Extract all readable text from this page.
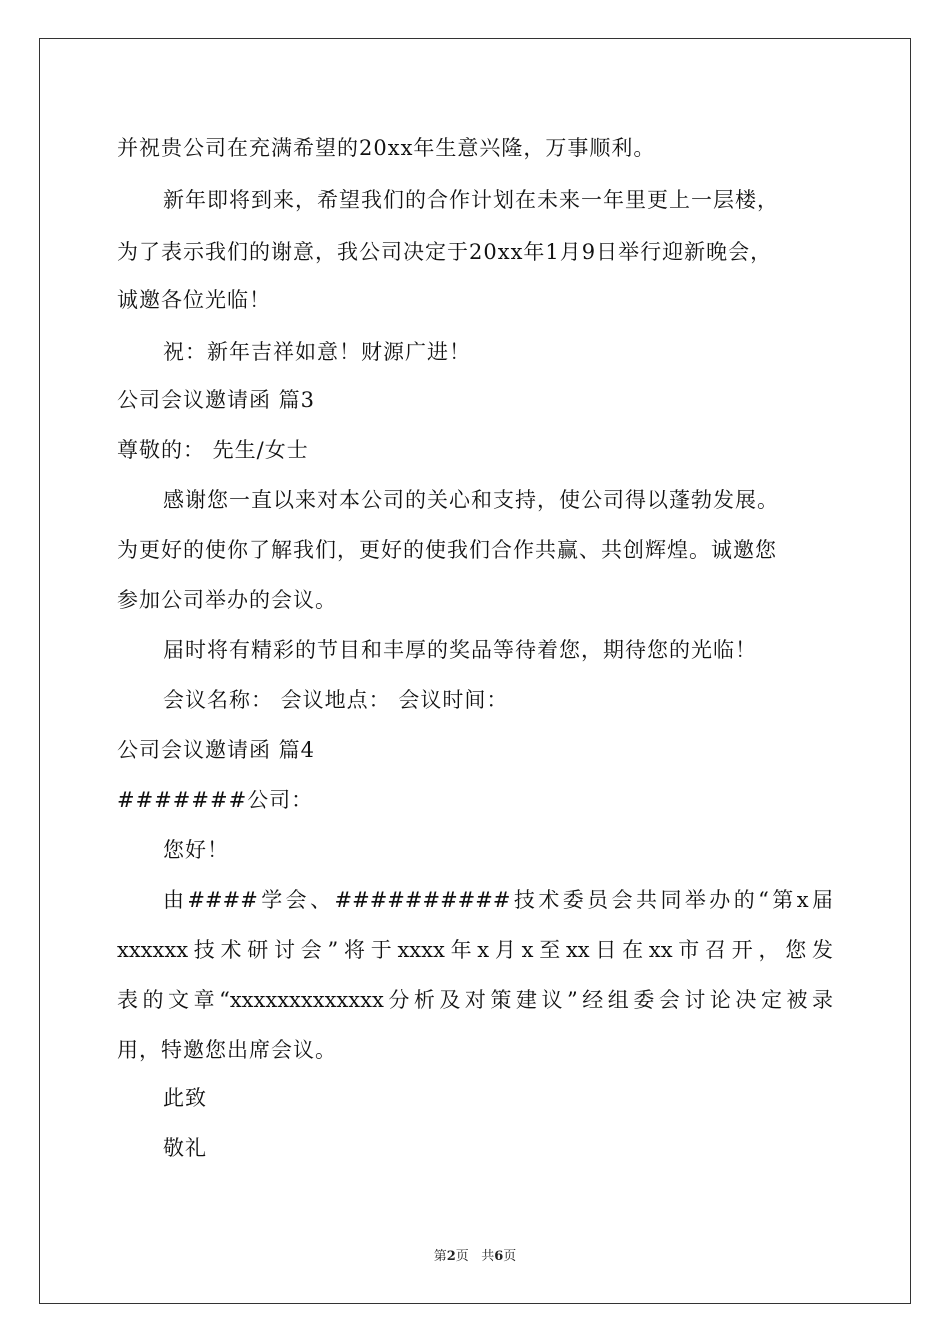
并祝贵公司在充满希望的20xx年生意兴隆，万事顺利。
新年即将到来，希望我们的合作计划在未来一年里更上一层楼，
为了表示我们的谢意，我公司决定于20xx年1月9日举行迎新晚会，
诚邀各位光临！
祝：新年吉祥如意！财源广进！
公司会议邀请函 篇3
尊敬的： 先生/女士
感谢您一直以来对本公司的关心和支持，使公司得以蓬勃发展。
为更好的使你了解我们，更好的使我们合作共赢、共创辉煌。诚邀您
参加公司举办的会议。
届时将有精彩的节目和丰厚的奖品等待着您，期待您的光临！
会议名称： 会议地点： 会议时间：
公司会议邀请函 篇4
#######公司：
您好！
由####学会、##########技术委员会共同举办的“第x届
xxxxxx技术研讨会”将于xxxx年x月x至xx日在xx市召开，您发
表的文章“xxxxxxxxxxxxx分析及对策建议”经组委会讨论决定被录
用，特邀您出席会议。
此致
敬礼
第2页   共6页
